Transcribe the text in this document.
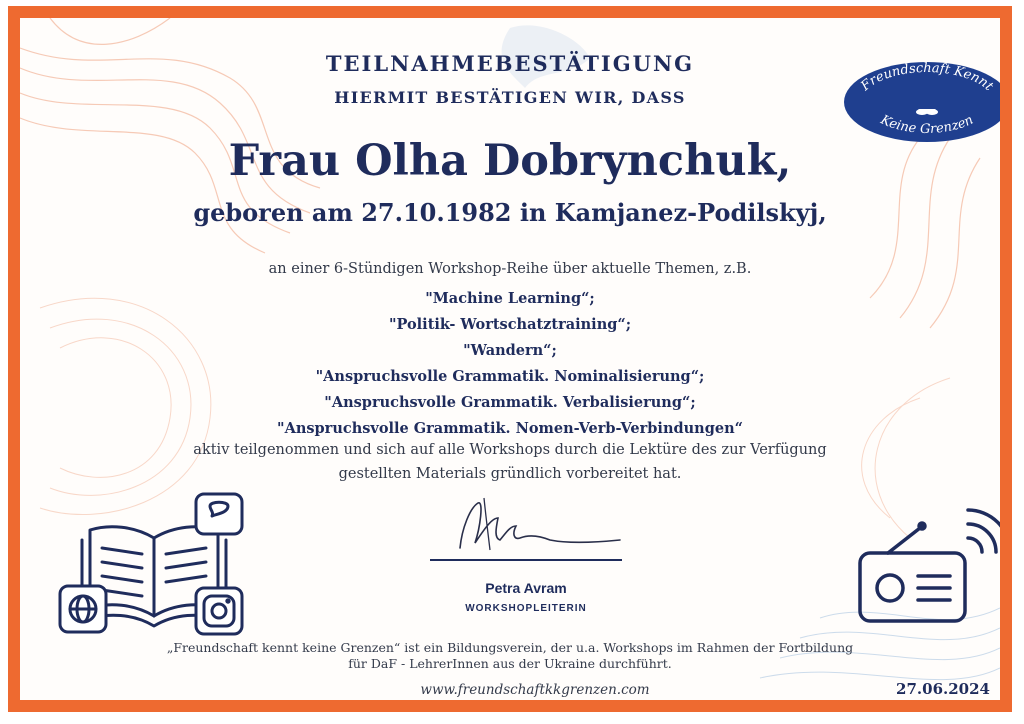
TEILNAHMEBESTÄTIGUNG
HIERMIT BESTÄTIGEN WIR, DASS
Frau Olha Dobrynchuk,
geboren am 27.10.1982 in Kamjanez-Podilskyj,
an einer 6-Stündigen Workshop-Reihe über aktuelle Themen, z.B.
"Machine Learning“;
"Politik- Wortschatztraining“;
"Wandern“;
"Anspruchsvolle Grammatik. Nominalisierung“;
"Anspruchsvolle Grammatik. Verbalisierung“;
"Anspruchsvolle Grammatik. Nomen-Verb-Verbindungen“
aktiv teilgenommen und sich auf alle Workshops durch die Lektüre des zur Verfügung
gestellten Materials gründlich vorbereitet hat.
Freundschaft Kennt
Keine Grenzen
Petra Avram
WORKSHOPLEITERIN
„Freundschaft kennt keine Grenzen“ ist ein Bildungsverein, der u.a. Workshops im Rahmen der Fortbildung
für DaF - LehrerInnen aus der Ukraine durchführt.
www.freundschaftkkgrenzen.com	27.06.2024
